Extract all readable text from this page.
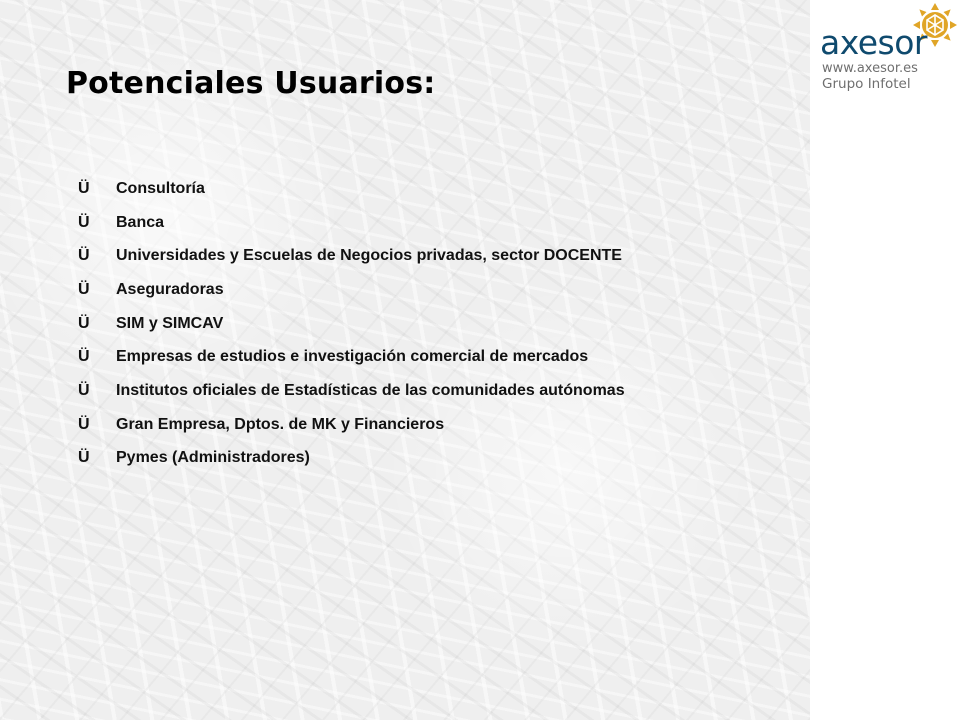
axesor
www.axesor.es
Grupo Infotel
Potenciales Usuarios:
Ü	Consultoría
Ü	Banca
Ü	Universidades y Escuelas de Negocios privadas, sector DOCENTE
Ü	Aseguradoras
Ü	SIM y SIMCAV
Ü	Empresas de estudios e investigación comercial de mercados
Ü	Institutos oficiales de Estadísticas de las comunidades autónomas
Ü	Gran Empresa, Dptos. de MK y Financieros
Ü	Pymes (Administradores)
